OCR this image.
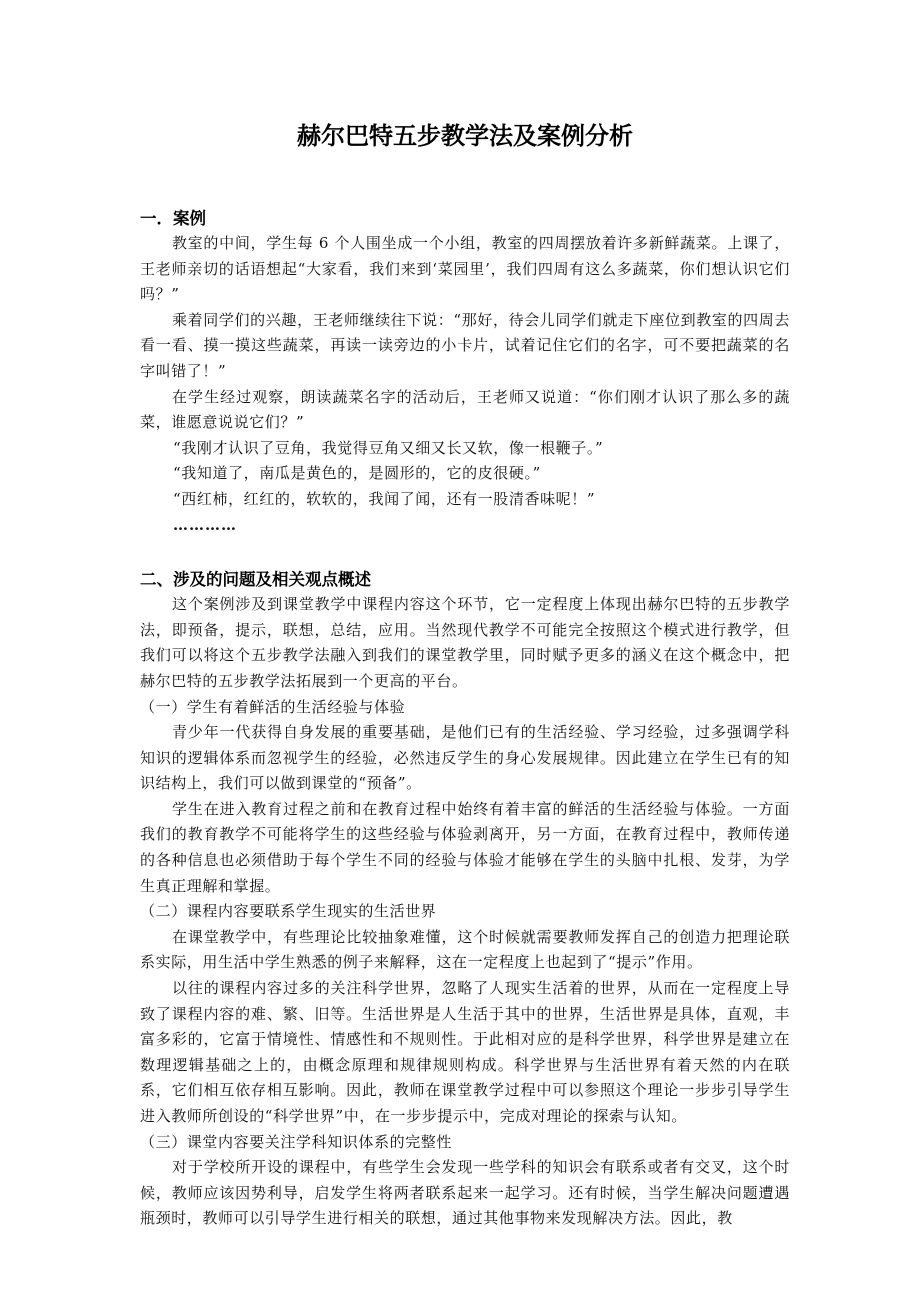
赫尔巴特五步教学法及案例分析
一．案例

教室的中间，学生每 6 个人围坐成一个小组，教室的四周摆放着许多新鲜蔬菜。上课了，王老师亲切的话语想起“大家看，我们来到‘菜园里’，我们四周有这么多蔬菜，你们想认识它们吗？”

乘着同学们的兴趣，王老师继续往下说：“那好，待会儿同学们就走下座位到教室的四周去看一看、摸一摸这些蔬菜，再读一读旁边的小卡片，试着记住它们的名字，可不要把蔬菜的名字叫错了！”

在学生经过观察，朗读蔬菜名字的活动后，王老师又说道：“你们刚才认识了那么多的蔬菜，谁愿意说说它们？”

“我刚才认识了豆角，我觉得豆角又细又长又软，像一根鞭子。”

“我知道了，南瓜是黄色的，是圆形的，它的皮很硬。”

“西红柿，红红的，软软的，我闻了闻，还有一股清香味呢！”

…………

二、涉及的问题及相关观点概述

这个案例涉及到课堂教学中课程内容这个环节，它一定程度上体现出赫尔巴特的五步教学法，即预备，提示，联想，总结，应用。当然现代教学不可能完全按照这个模式进行教学，但我们可以将这个五步教学法融入到我们的课堂教学里，同时赋予更多的涵义在这个概念中，把赫尔巴特的五步教学法拓展到一个更高的平台。

（一）学生有着鲜活的生活经验与体验

青少年一代获得自身发展的重要基础，是他们已有的生活经验、学习经验，过多强调学科知识的逻辑体系而忽视学生的经验，必然违反学生的身心发展规律。因此建立在学生已有的知识结构上，我们可以做到课堂的“预备”。

学生在进入教育过程之前和在教育过程中始终有着丰富的鲜活的生活经验与体验。一方面我们的教育教学不可能将学生的这些经验与体验剥离开，另一方面，在教育过程中，教师传递的各种信息也必须借助于每个学生不同的经验与体验才能够在学生的头脑中扎根、发芽，为学生真正理解和掌握。

（二）课程内容要联系学生现实的生活世界

在课堂教学中，有些理论比较抽象难懂，这个时候就需要教师发挥自己的创造力把理论联系实际，用生活中学生熟悉的例子来解释，这在一定程度上也起到了“提示”作用。

以往的课程内容过多的关注科学世界，忽略了人现实生活着的世界，从而在一定程度上导致了课程内容的难、繁、旧等。生活世界是人生活于其中的世界，生活世界是具体，直观，丰富多彩的，它富于情境性、情感性和不规则性。于此相对应的是科学世界，科学世界是建立在数理逻辑基础之上的，由概念原理和规律规则构成。科学世界与生活世界有着天然的内在联系，它们相互依存相互影响。因此，教师在课堂教学过程中可以参照这个理论一步步引导学生进入教师所创设的“科学世界”中，在一步步提示中，完成对理论的探索与认知。

（三）课堂内容要关注学科知识体系的完整性

对于学校所开设的课程中，有些学生会发现一些学科的知识会有联系或者有交叉，这个时候，教师应该因势利导，启发学生将两者联系起来一起学习。还有时候，当学生解决问题遭遇瓶颈时，教师可以引导学生进行相关的联想，通过其他事物来发现解决方法。因此，教
